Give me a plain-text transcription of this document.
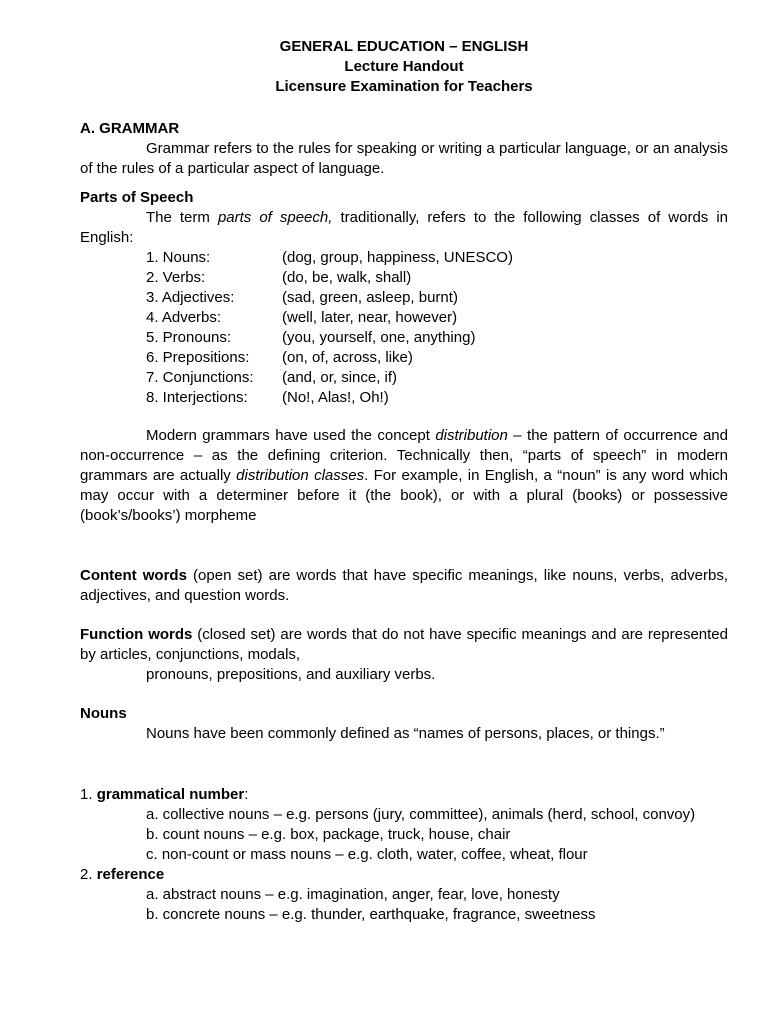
GENERAL EDUCATION – ENGLISH
Lecture Handout
Licensure Examination for Teachers
A. GRAMMAR

Grammar refers to the rules for speaking or writing a particular language, or an analysis of the rules of a particular aspect of language.

Parts of Speech

The term parts of speech, traditionally, refers to the following classes of words in English:

1. Nouns:	(dog, group, happiness, UNESCO)
2. Verbs:	(do, be, walk, shall)
3. Adjectives:	(sad, green, asleep, burnt)
4. Adverbs:	(well, later, near, however)
5. Pronouns:	(you, yourself, one, anything)
6. Prepositions:	(on, of, across, like)
7. Conjunctions:	(and, or, since, if)
8. Interjections:	(No!, Alas!, Oh!)

Modern grammars have used the concept distribution – the pattern of occurrence and non-occurrence – as the defining criterion. Technically then, “parts of speech” in modern grammars are actually distribution classes. For example, in English, a “noun” is any word which may occur with a determiner before it (the book), or with a plural (books) or possessive (book’s/books’) morpheme

Content words (open set) are words that have specific meanings, like nouns, verbs, adverbs, adjectives, and question words.

Function words (closed set) are words that do not have specific meanings and are represented by articles, conjunctions, modals,

pronouns, prepositions, and auxiliary verbs.

Nouns

Nouns have been commonly defined as “names of persons, places, or things.”

1. grammatical number:

a. collective nouns – e.g. persons (jury, committee), animals (herd, school, convoy)

b. count nouns – e.g. box, package, truck, house, chair

c. non-count or mass nouns – e.g. cloth, water, coffee, wheat, flour

2. reference

a. abstract nouns – e.g. imagination, anger, fear, love, honesty

b. concrete nouns – e.g. thunder, earthquake, fragrance, sweetness
